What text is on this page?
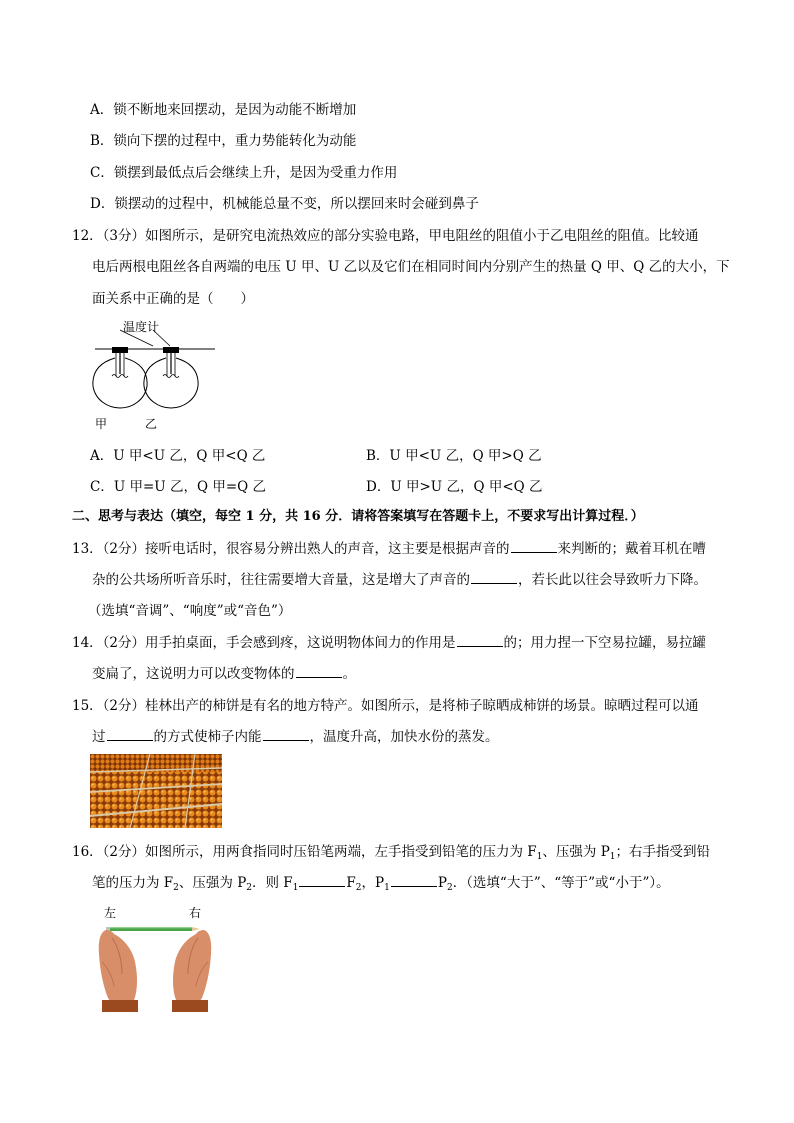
A．锁不断地来回摆动，是因为动能不断增加
B．锁向下摆的过程中，重力势能转化为动能
C．锁摆到最低点后会继续上升，是因为受重力作用
D．锁摆动的过程中，机械能总量不变，所以摆回来时会碰到鼻子
12．（3分）如图所示，是研究电流热效应的部分实验电路，甲电阻丝的阻值小于乙电阻丝的阻值。比较通
电后两根电阻丝各自两端的电压 U 甲、U 乙以及它们在相同时间内分别产生的热量 Q 甲、Q 乙的大小，下
面关系中正确的是（　　）
温度计
甲	乙
A．U 甲<U 乙，Q 甲<Q 乙	B．U 甲<U 乙，Q 甲>Q 乙
C．U 甲=U 乙，Q 甲=Q 乙	D．U 甲>U 乙，Q 甲<Q 乙
二、思考与表达（填空，每空 1 分，共 16 分．请将答案填写在答题卡上，不要求写出计算过程．）
13．（2分）接听电话时，很容易分辨出熟人的声音，这主要是根据声音的	来判断的；戴着耳机在嘈
杂的公共场所听音乐时，往往需要增大音量，这是增大了声音的	，若长此以往会导致听力下降。
（选填“音调”、“响度”或“音色”）
14．（2分）用手拍桌面，手会感到疼，这说明物体间力的作用是	的；用力捏一下空易拉罐，易拉罐
变扁了，这说明力可以改变物体的	。
15．（2分）桂林出产的柿饼是有名的地方特产。如图所示，是将柿子晾晒成柿饼的场景。晾晒过程可以通
过	的方式使柿子内能	，温度升高，加快水份的蒸发。
16．（2分）如图所示，用两食指同时压铅笔两端，左手指受到铅笔的压力为 $F_1$、压强为 $P_1$；右手指受到铅
笔的压力为 $F_2$、压强为 $P_2$．则 $F_1$	$F_2$，$P_1$	$P_2$．（选填“大于”、“等于”或“小于”）。
左	右
